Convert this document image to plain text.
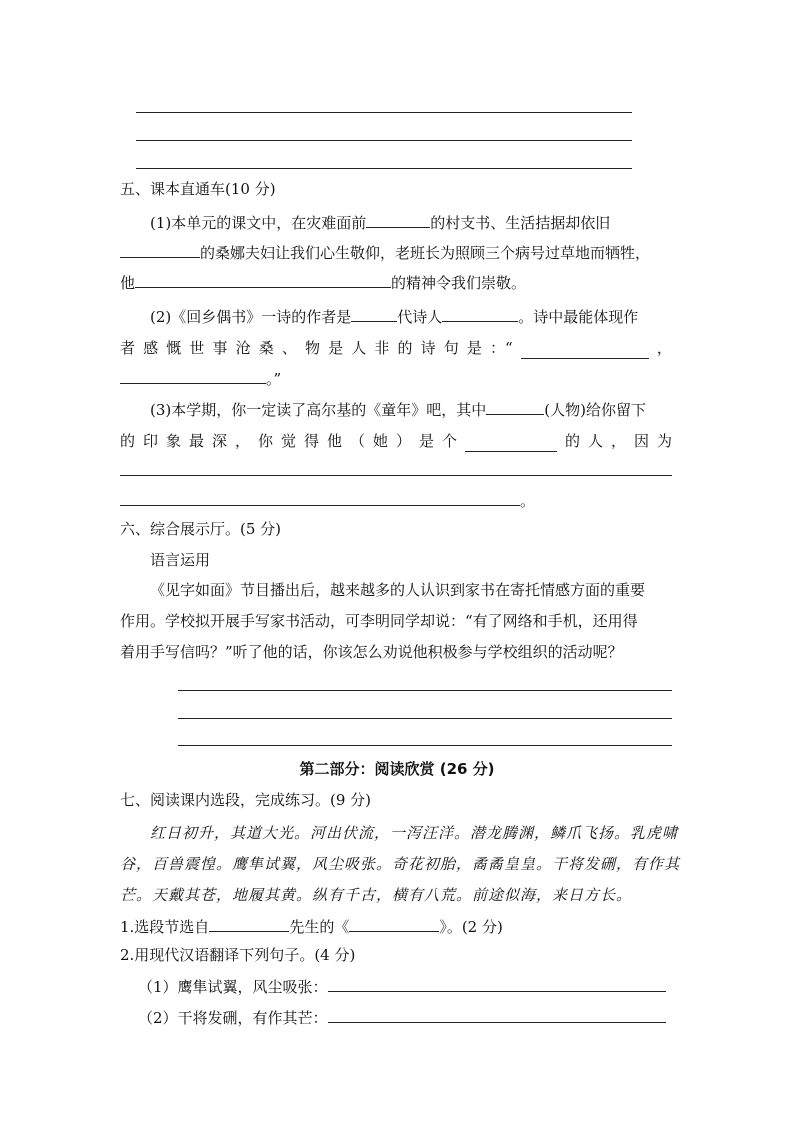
五、课本直通车(10 分)
(1)本单元的课文中，在灾难面前	的村支书、生活拮据却依旧
的桑娜夫妇让我们心生敬仰，老班长为照顾三个病号过草地而牺牲，
他	的精神令我们崇敬。
(2)《回乡偶书》一诗的作者是	代诗人	。诗中最能体现作
者 感 慨 世 事 沧 桑 、 物 是 人 非 的 诗 句 是 ：“	，
。”
(3)本学期，你一定读了高尔基的《童年》吧，其中	(人物)给你留下
的 印 象 最 深 ， 你 觉 得 他 （ 她 ） 是 个	的 人 ， 因 为
。
六、综合展示厅。(5 分)
语言运用
《见字如面》节目播出后，越来越多的人认识到家书在寄托情感方面的重要
作用。学校拟开展手写家书活动，可李明同学却说：“有了网络和手机，还用得
着用手写信吗？”听了他的话，你该怎么劝说他积极参与学校组织的活动呢？
第二部分：阅读欣赏 (26 分)
七、阅读课内选段，完成练习。(9 分)
红日初升，其道大光。河出伏流，一泻汪洋。潜龙腾渊，鳞爪飞扬。乳虎啸
谷，百兽震惶。鹰隼试翼，风尘吸张。奇花初胎，矞矞皇皇。干将发硎，有作其
芒。天戴其苍，地履其黄。纵有千古，横有八荒。前途似海，来日方长。
1.选段节选自	先生的《	》。(2 分)
2.用现代汉语翻译下列句子。(4 分)
（1）鹰隼试翼，风尘吸张：
（2）干将发硎，有作其芒：
